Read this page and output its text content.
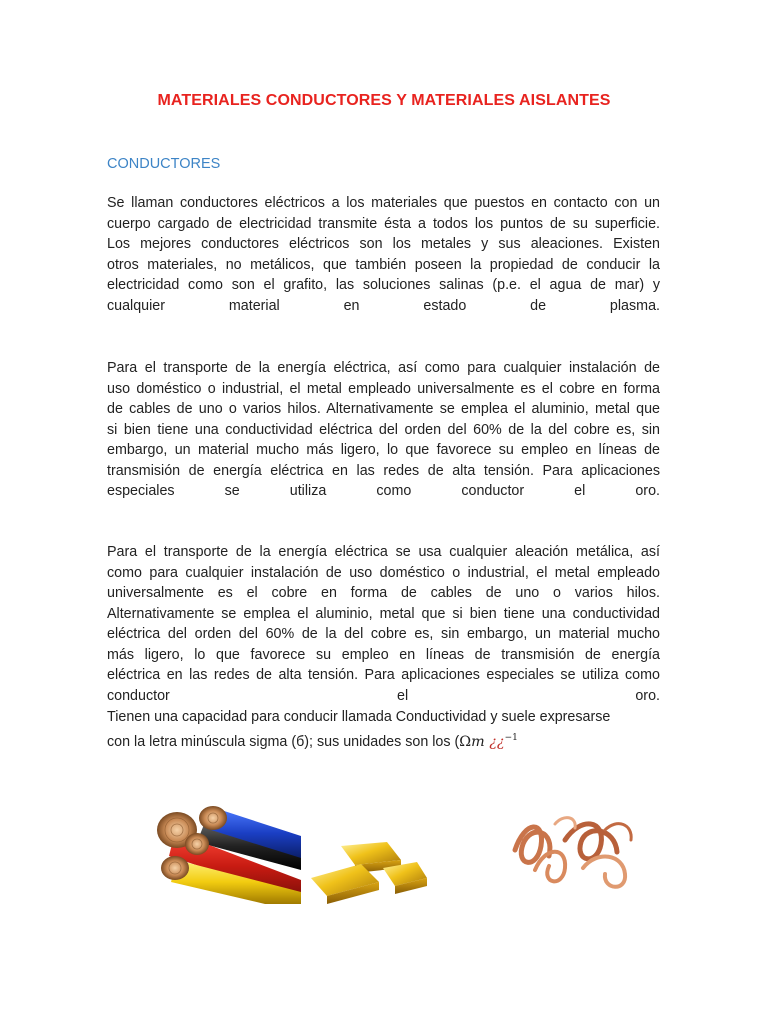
MATERIALES CONDUCTORES Y MATERIALES AISLANTES
CONDUCTORES
Se llaman conductores eléctricos a los materiales que puestos en contacto con un
cuerpo cargado de electricidad transmite ésta a todos los puntos de su superficie.
Los mejores conductores eléctricos son los metales y sus aleaciones. Existen
otros materiales, no metálicos, que también poseen la propiedad de conducir la
electricidad como son el grafito, las soluciones salinas (p.e. el agua de mar) y
cualquier material en estado de plasma.
Para el transporte de la energía eléctrica, así como para cualquier instalación de
uso doméstico o industrial, el metal empleado universalmente es el cobre en forma
de cables de uno o varios hilos. Alternativamente se emplea el aluminio, metal que
si bien tiene una conductividad eléctrica del orden del 60% de la del cobre es, sin
embargo, un material mucho más ligero, lo que favorece su empleo en líneas de
transmisión de energía eléctrica en las redes de alta tensión. Para aplicaciones
especiales se utiliza como conductor el oro.
Para el transporte de la energía eléctrica se usa cualquier aleación metálica, así
como para cualquier instalación de uso doméstico o industrial, el metal empleado
universalmente es el cobre en forma de cables de uno o varios hilos.
Alternativamente se emplea el aluminio, metal que si bien tiene una conductividad
eléctrica del orden del 60% de la del cobre es, sin embargo, un material mucho
más ligero, lo que favorece su empleo en líneas de transmisión de energía
eléctrica en las redes de alta tensión. Para aplicaciones especiales se utiliza como
conductor el oro.
Tienen una capacidad para conducir llamada Conductividad y suele expresarse
con la letra minúscula sigma (б); sus unidades son los (Ωm ¿¿$^{-1}$
